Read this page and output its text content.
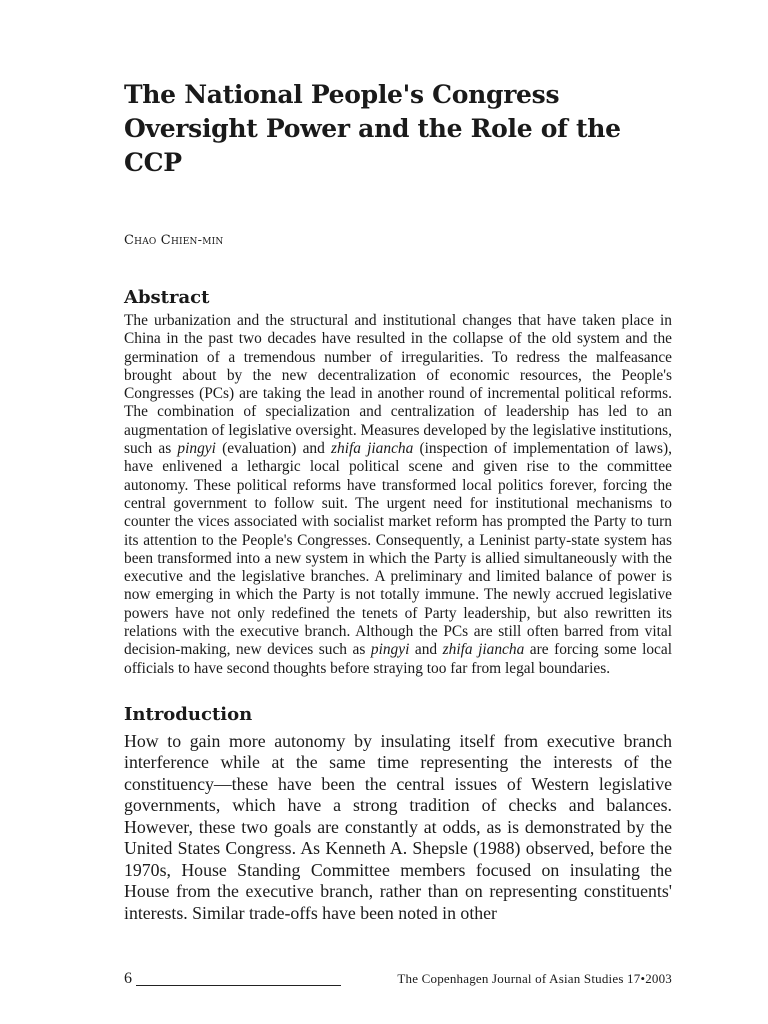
The National People's Congress Oversight Power and the Role of the CCP
Chao Chien-min
Abstract
The urbanization and the structural and institutional changes that have taken place in China in the past two decades have resulted in the collapse of the old system and the germination of a tremendous number of irregularities. To redress the malfeasance brought about by the new decentralization of economic resources, the People's Congresses (PCs) are taking the lead in another round of incremental political reforms. The combination of specialization and centralization of leadership has led to an augmentation of legislative oversight. Measures developed by the legislative institutions, such as pingyi (evaluation) and zhifa jiancha (inspection of implementation of laws), have enlivened a lethargic local political scene and given rise to the committee autonomy. These political reforms have transformed local politics forever, forcing the central government to follow suit. The urgent need for institutional mechanisms to counter the vices associated with socialist market reform has prompted the Party to turn its attention to the People's Congresses. Consequently, a Leninist party-state system has been transformed into a new system in which the Party is allied simultaneously with the executive and the legislative branches. A preliminary and limited balance of power is now emerging in which the Party is not totally immune. The newly accrued legislative powers have not only redefined the tenets of Party leadership, but also rewritten its relations with the executive branch. Although the PCs are still often barred from vital decision-making, new devices such as pingyi and zhifa jiancha are forcing some local officials to have second thoughts before straying too far from legal boundaries.
Introduction
How to gain more autonomy by insulating itself from executive branch interference while at the same time representing the interests of the constituency—these have been the central issues of Western legislative governments, which have a strong tradition of checks and balances. However, these two goals are constantly at odds, as is demonstrated by the United States Congress. As Kenneth A. Shepsle (1988) observed, before the 1970s, House Standing Committee members focused on insulating the House from the executive branch, rather than on representing constituents' interests. Similar trade-offs have been noted in other
6	The Copenhagen Journal of Asian Studies 17•2003
